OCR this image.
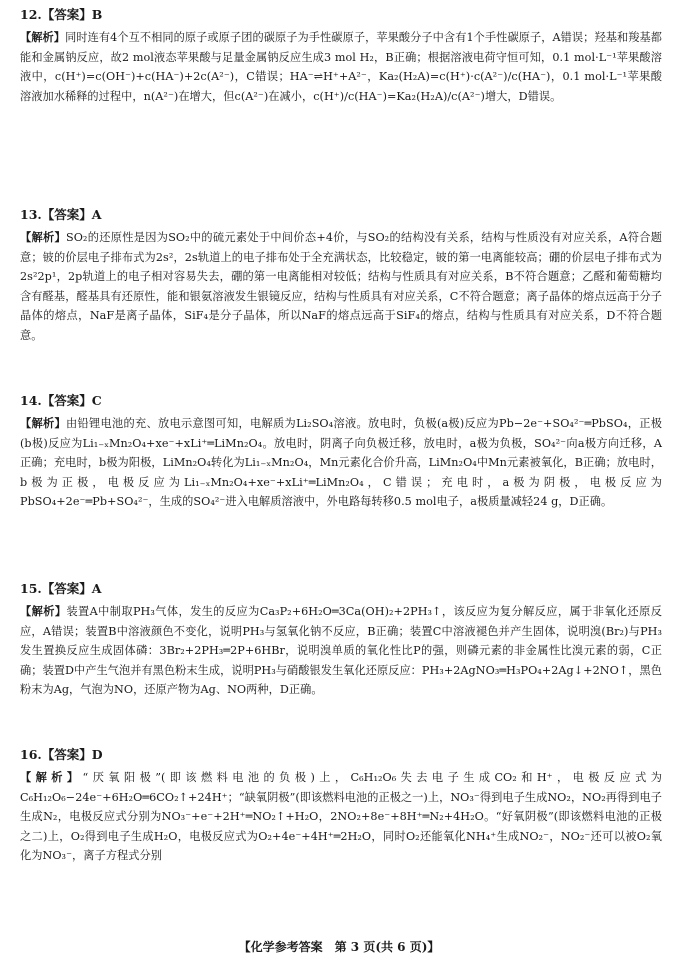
12.【答案】B
【解析】同时连有4个互不相同的原子或原子团的碳原子为手性碳原子，苹果酸分子中含有1个手性碳原子，A错误；羟基和羧基都能和金属钠反应，故2 mol液态苹果酸与足量金属钠反应生成3 mol H₂，B正确；根据溶液电荷守恒可知，0.1 mol·L⁻¹苹果酸溶液中，c(H⁺)=c(OH⁻)+c(HA⁻)+2c(A²⁻)，C错误；HA⁻⇌H⁺+A²⁻，Ka₂(H₂A)=c(H⁺)·c(A²⁻)/c(HA⁻)，0.1 mol·L⁻¹苹果酸溶液加水稀释的过程中，n(A²⁻)在增大，但c(A²⁻)在减小，c(H⁺)/c(HA⁻)=Ka₂(H₂A)/c(A²⁻)增大，D错误。
13.【答案】A
【解析】SO₂的还原性是因为SO₂中的硫元素处于中间价态+4价，与SO₂的结构没有关系，结构与性质没有对应关系，A符合题意；铍的价层电子排布式为2s²，2s轨道上的电子排布处于全充满状态，比较稳定，铍的第一电离能较高；硼的价层电子排布式为2s²2p¹，2p轨道上的电子相对容易失去，硼的第一电离能相对较低；结构与性质具有对应关系，B不符合题意；乙醛和葡萄糖均含有醛基，醛基具有还原性，能和银氨溶液发生银镜反应，结构与性质具有对应关系，C不符合题意；离子晶体的熔点远高于分子晶体的熔点，NaF是离子晶体，SiF₄是分子晶体，所以NaF的熔点远高于SiF₄的熔点，结构与性质具有对应关系，D不符合题意。
14.【答案】C
【解析】由铅锂电池的充、放电示意图可知，电解质为Li₂SO₄溶液。放电时，负极(a极)反应为Pb−2e⁻+SO₄²⁻═PbSO₄，正极(b极)反应为Li₁₋ₓMn₂O₄+xe⁻+xLi⁺═LiMn₂O₄。放电时，阴离子向负极迁移，放电时，a极为负极，SO₄²⁻向a极方向迁移，A正确；充电时，b极为阳极，LiMn₂O₄转化为Li₁₋ₓMn₂O₄，Mn元素化合价升高，LiMn₂O₄中Mn元素被氧化，B正确；放电时，b极为正极，电极反应为Li₁₋ₓMn₂O₄+xe⁻+xLi⁺═LiMn₂O₄，C错误；充电时，a极为阴极，电极反应为PbSO₄+2e⁻═Pb+SO₄²⁻，生成的SO₄²⁻进入电解质溶液中，外电路每转移0.5 mol电子，a极质量减轻24 g，D正确。
15.【答案】A
【解析】装置A中制取PH₃气体，发生的反应为Ca₃P₂+6H₂O═3Ca(OH)₂+2PH₃↑，该反应为复分解反应，属于非氧化还原反应，A错误；装置B中溶液颜色不变化，说明PH₃与氢氧化钠不反应，B正确；装置C中溶液褪色并产生固体，说明溴(Br₂)与PH₃发生置换反应生成固体磷：3Br₂+2PH₃═2P+6HBr，说明溴单质的氧化性比P的强，则磷元素的非金属性比溴元素的弱，C正确；装置D中产生气泡并有黑色粉末生成，说明PH₃与硝酸银发生氧化还原反应：PH₃+2AgNO₃═H₃PO₄+2Ag↓+2NO↑，黑色粉末为Ag，气泡为NO，还原产物为Ag、NO两种，D正确。
16.【答案】D
【解析】“厌氧阳极”(即该燃料电池的负极)上，C₆H₁₂O₆失去电子生成CO₂和H⁺，电极反应式为C₆H₁₂O₆−24e⁻+6H₂O═6CO₂↑+24H⁺；“缺氧阴极”(即该燃料电池的正极之一)上，NO₃⁻得到电子生成NO₂，NO₂再得到电子生成N₂，电极反应式分别为NO₃⁻+e⁻+2H⁺═NO₂↑+H₂O，2NO₂+8e⁻+8H⁺═N₂+4H₂O。“好氧阴极”(即该燃料电池的正极之二)上，O₂得到电子生成H₂O，电极反应式为O₂+4e⁻+4H⁺═2H₂O，同时O₂还能氧化NH₄⁺生成NO₂⁻，NO₂⁻还可以被O₂氧化为NO₃⁻，离子方程式分别
【化学参考答案　第 3 页(共 6 页)】
